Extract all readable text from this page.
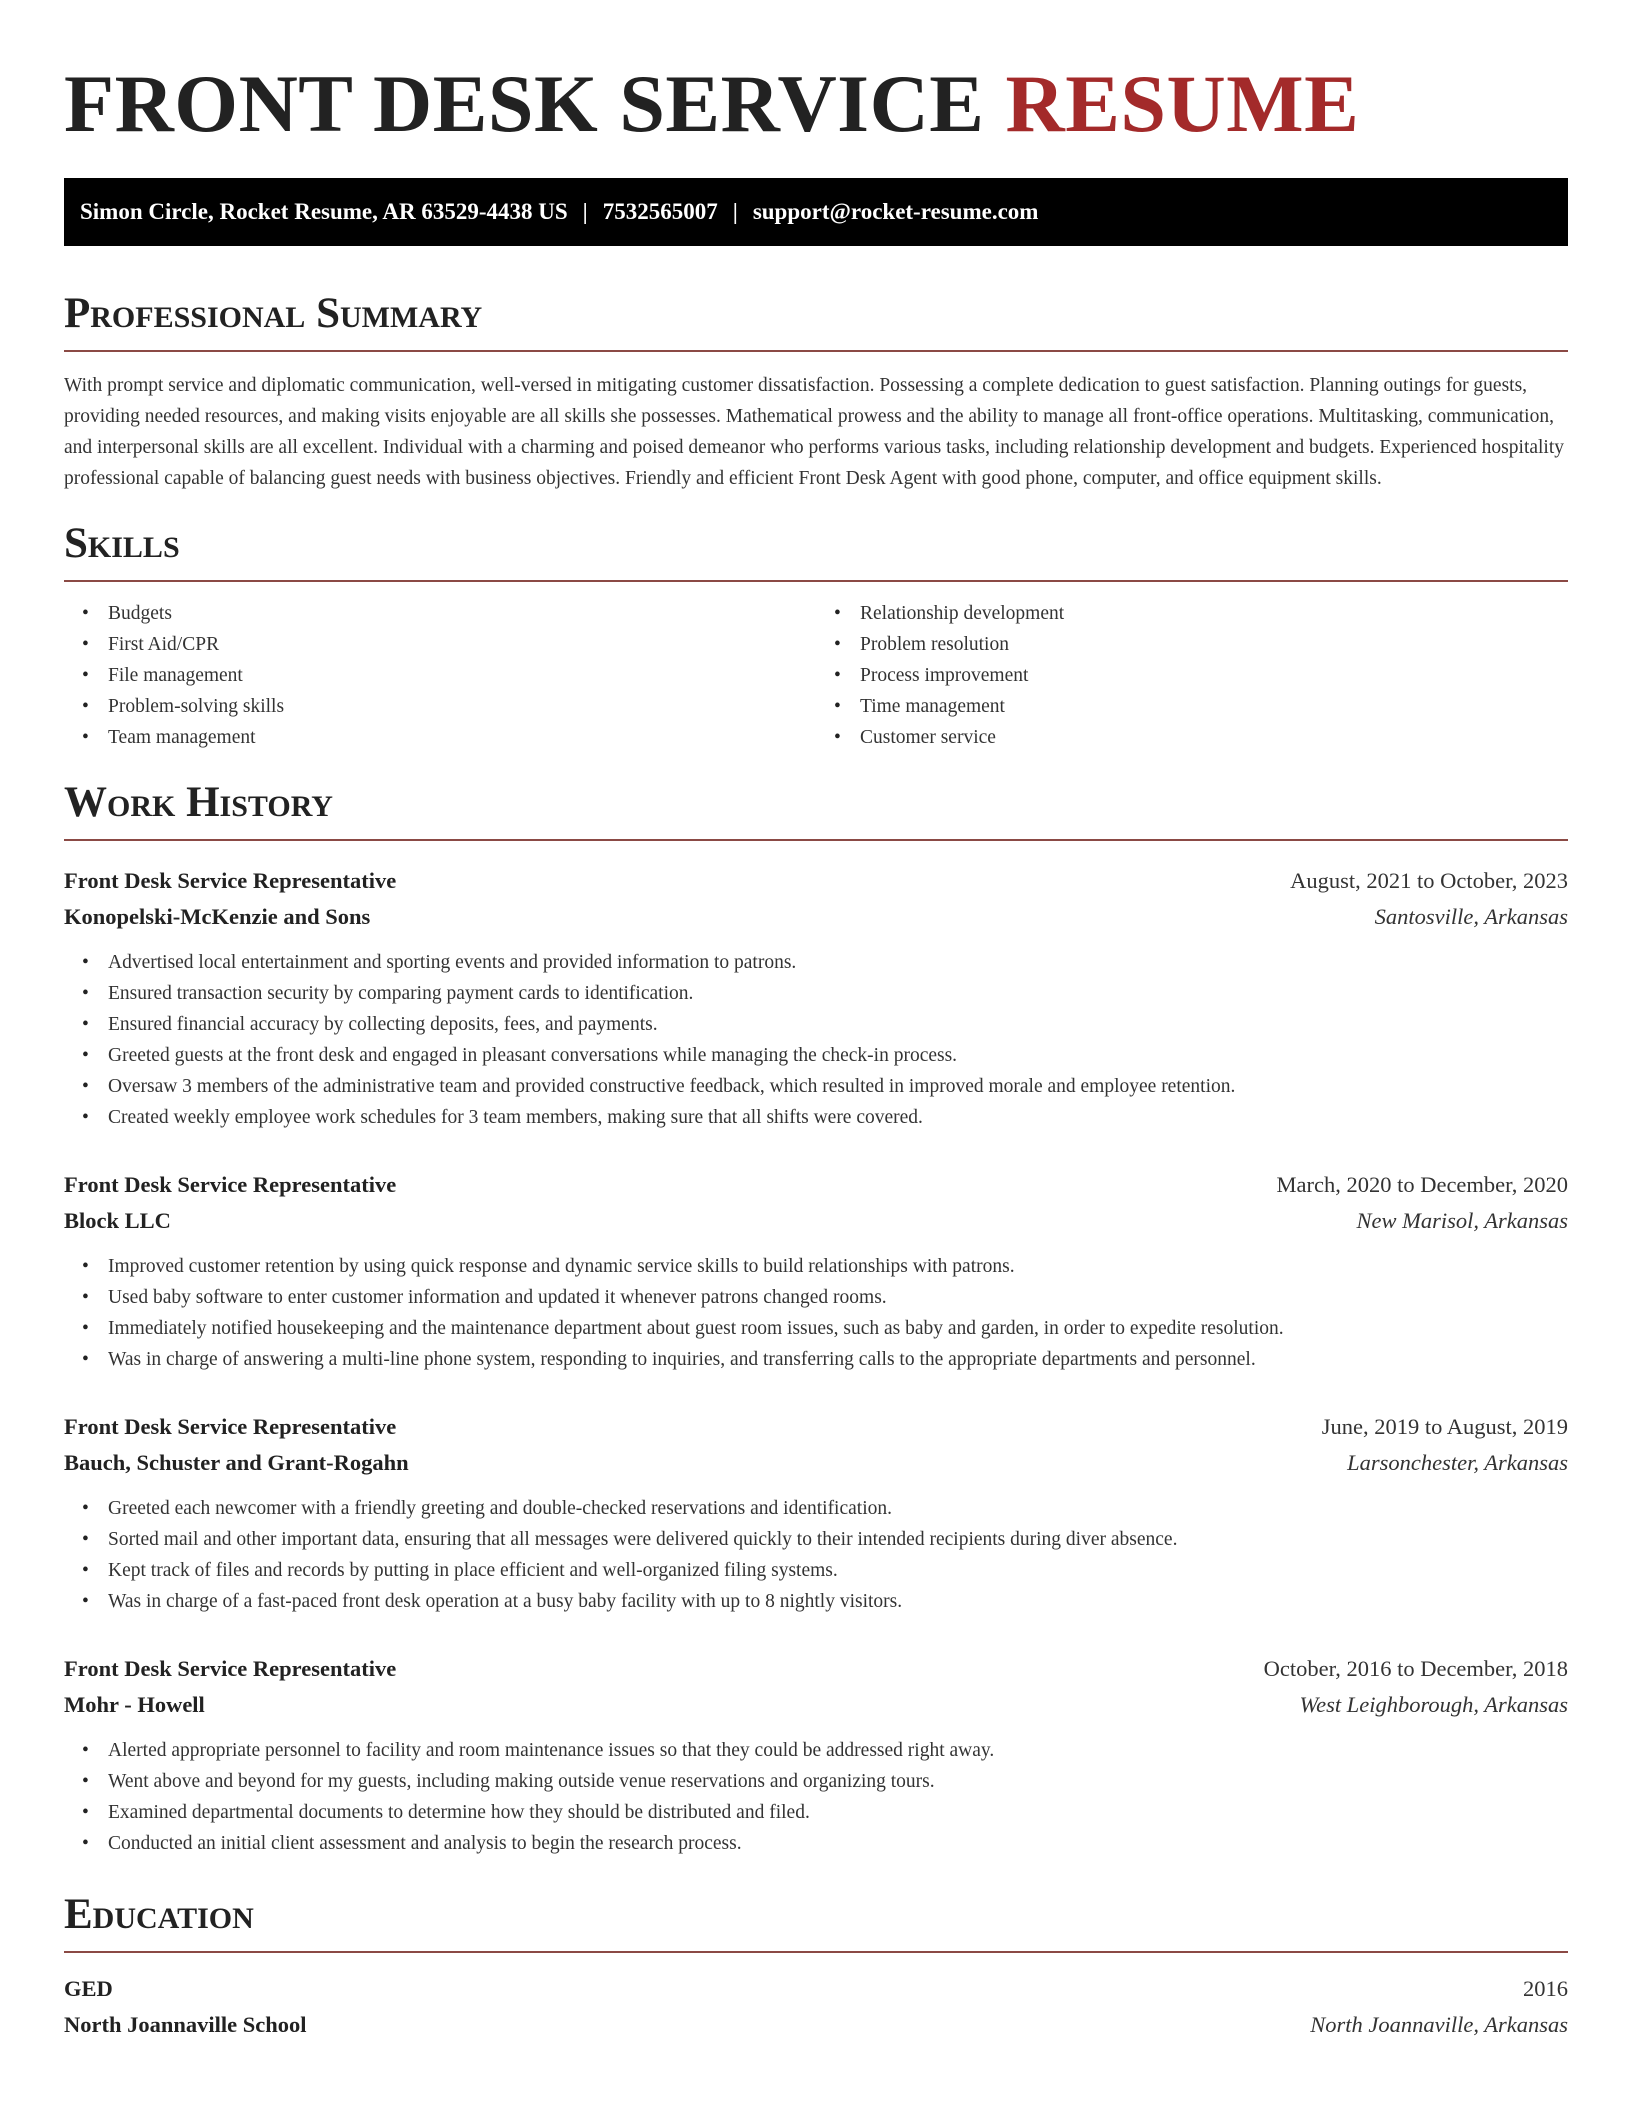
FRONT DESK SERVICE RESUME
Simon Circle, Rocket Resume, AR 63529-4438 US | 7532565007 | support@rocket-resume.com
Professional Summary

With prompt service and diplomatic communication, well-versed in mitigating customer dissatisfaction. Possessing a complete dedication to guest satisfaction. Planning outings for guests, providing needed resources, and making visits enjoyable are all skills she possesses. Mathematical prowess and the ability to manage all front-office operations. Multitasking, communication, and interpersonal skills are all excellent. Individual with a charming and poised demeanor who performs various tasks, including relationship development and budgets. Experienced hospitality professional capable of balancing guest needs with business objectives. Friendly and efficient Front Desk Agent with good phone, computer, and office equipment skills.

Skills
• Budgets
• First Aid/CPR
• File management
• Problem-solving skills
• Team management
• Relationship development
• Problem resolution
• Process improvement
• Time management
• Customer service
Work History
Front Desk Service Representative	August, 2021 to October, 2023
Konopelski-McKenzie and Sons	Santosville, Arkansas
• Advertised local entertainment and sporting events and provided information to patrons.
• Ensured transaction security by comparing payment cards to identification.
• Ensured financial accuracy by collecting deposits, fees, and payments.
• Greeted guests at the front desk and engaged in pleasant conversations while managing the check-in process.
• Oversaw 3 members of the administrative team and provided constructive feedback, which resulted in improved morale and employee retention.
• Created weekly employee work schedules for 3 team members, making sure that all shifts were covered.
Front Desk Service Representative	March, 2020 to December, 2020
Block LLC	New Marisol, Arkansas
• Improved customer retention by using quick response and dynamic service skills to build relationships with patrons.
• Used baby software to enter customer information and updated it whenever patrons changed rooms.
• Immediately notified housekeeping and the maintenance department about guest room issues, such as baby and garden, in order to expedite resolution.
• Was in charge of answering a multi-line phone system, responding to inquiries, and transferring calls to the appropriate departments and personnel.
Front Desk Service Representative	June, 2019 to August, 2019
Bauch, Schuster and Grant-Rogahn	Larsonchester, Arkansas
• Greeted each newcomer with a friendly greeting and double-checked reservations and identification.
• Sorted mail and other important data, ensuring that all messages were delivered quickly to their intended recipients during diver absence.
• Kept track of files and records by putting in place efficient and well-organized filing systems.
• Was in charge of a fast-paced front desk operation at a busy baby facility with up to 8 nightly visitors.
Front Desk Service Representative	October, 2016 to December, 2018
Mohr - Howell	West Leighborough, Arkansas
• Alerted appropriate personnel to facility and room maintenance issues so that they could be addressed right away.
• Went above and beyond for my guests, including making outside venue reservations and organizing tours.
• Examined departmental documents to determine how they should be distributed and filed.
• Conducted an initial client assessment and analysis to begin the research process.
Education
GED	2016
North Joannaville School	North Joannaville, Arkansas
